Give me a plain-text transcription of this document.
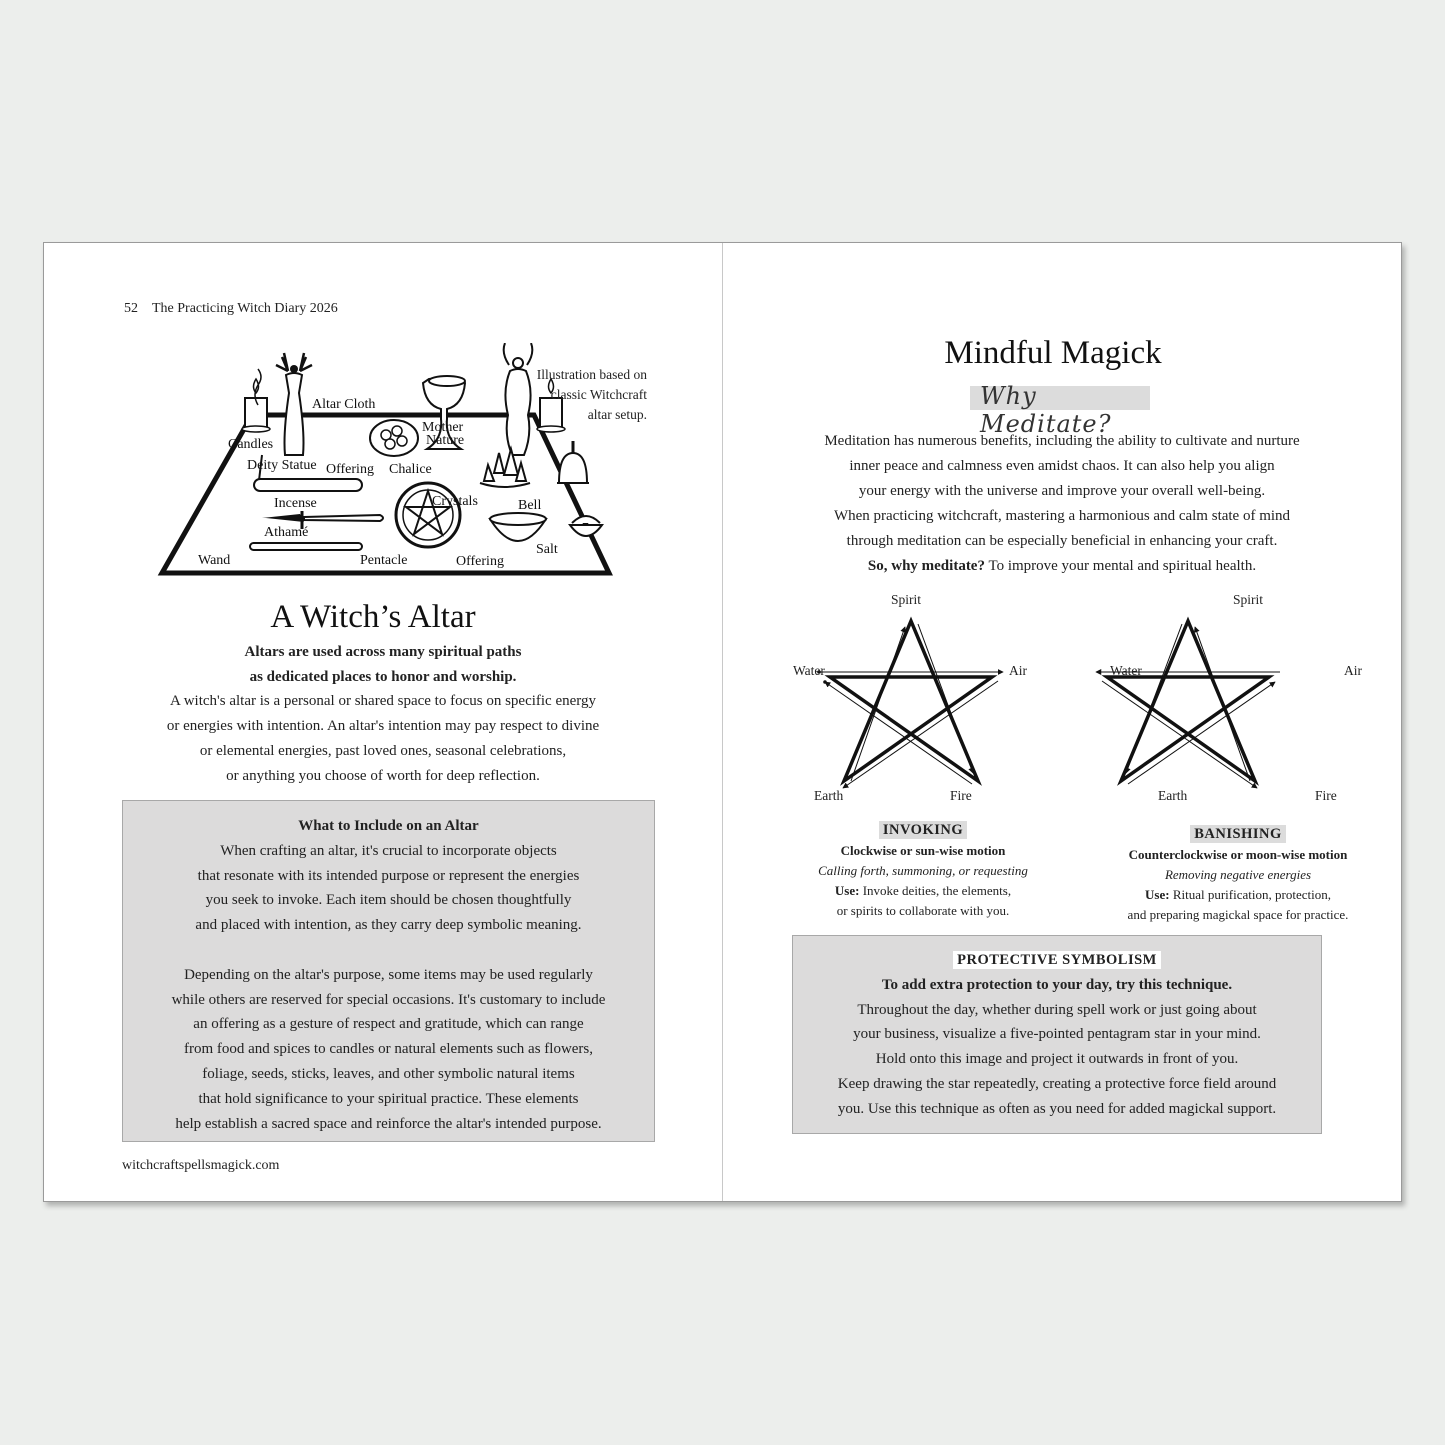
52 The Practicing Witch Diary 2026
Altar Cloth
Candles
Deity Statue Offering Chalice
Mother
Nature
Incense	Crystals	Bell
Athamé
Wand	Pentacle	Offering
Salt
Illustration based on
classic Witchcraft
altar setup.
A Witch’s Altar
Altars are used across many spiritual paths
as dedicated places to honor and worship.
A witch's altar is a personal or shared space to focus on specific energy
or energies with intention. An altar's intention may pay respect to divine
or elemental energies, past loved ones, seasonal celebrations,
or anything you choose of worth for deep reflection.
What to Include on an Altar
When crafting an altar, it's crucial to incorporate objects
that resonate with its intended purpose or represent the energies
you seek to invoke. Each item should be chosen thoughtfully
and placed with intention, as they carry deep symbolic meaning.
Depending on the altar's purpose, some items may be used regularly
while others are reserved for special occasions. It's customary to include
an offering as a gesture of respect and gratitude, which can range
from food and spices to candles or natural elements such as flowers,
foliage, seeds, sticks, leaves, and other symbolic natural items
that hold significance to your spiritual practice. These elements
help establish a sacred space and reinforce the altar's intended purpose.
witchcraftspellsmagick.com
Mindful Magick
Why Meditate?
Meditation has numerous benefits, including the ability to cultivate and nurture
inner peace and calmness even amidst chaos. It can also help you align
your energy with the universe and improve your overall well-being.
When practicing witchcraft, mastering a harmonious and calm state of mind
through meditation can be especially beneficial in enhancing your craft.
So, why meditate? To improve your mental and spiritual health.
Spirit
Water	Air
Earth	Fire
Spirit
Water	Air
Earth	Fire
INVOKING
Clockwise or sun-wise motion
Calling forth, summoning, or requesting
Use: Invoke deities, the elements,
or spirits to collaborate with you.
BANISHING
Counterclockwise or moon-wise motion
Removing negative energies
Use: Ritual purification, protection,
and preparing magickal space for practice.
PROTECTIVE SYMBOLISM
To add extra protection to your day, try this technique.
Throughout the day, whether during spell work or just going about
your business, visualize a five-pointed pentagram star in your mind.
Hold onto this image and project it outwards in front of you.
Keep drawing the star repeatedly, creating a protective force field around
you. Use this technique as often as you need for added magickal support.
